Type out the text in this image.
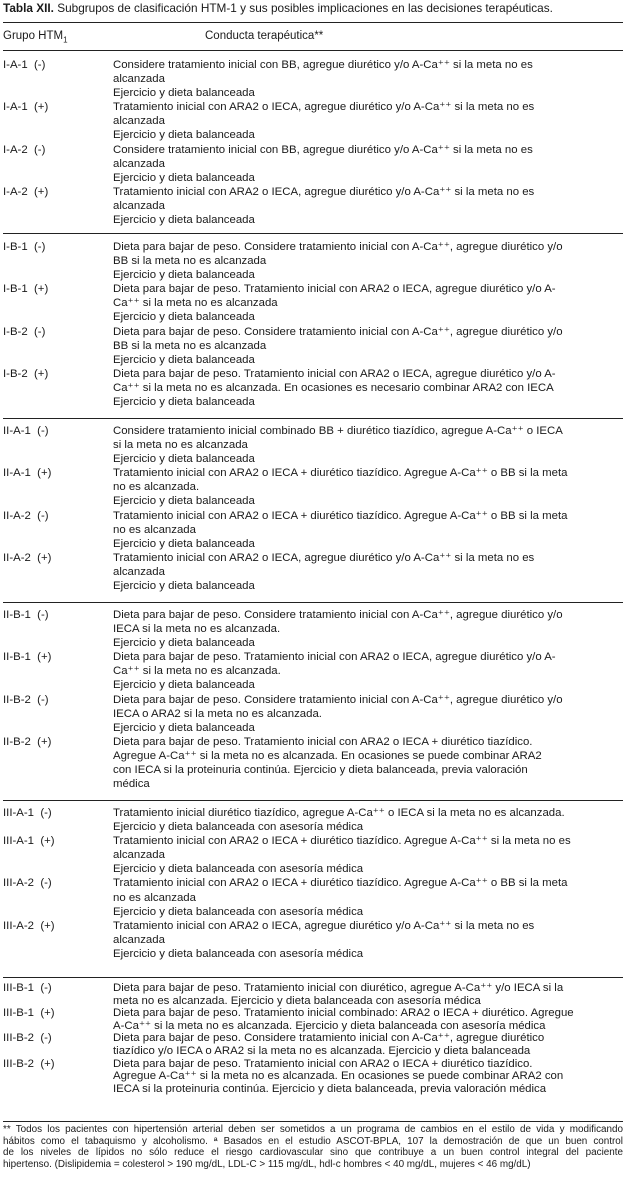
Tabla XII. Subgrupos de clasificación HTM-1 y sus posibles implicaciones en las decisiones terapéuticas.
Grupo $HTM_1$	Conducta terapéutica**
I-A-1  (-)	Considere tratamiento inicial con BB, agregue diurético y/o A-Ca⁺⁺ si la meta no es
alcanzada
Ejercicio y dieta balanceada
I-A-1  (+)	Tratamiento inicial con ARA2 o IECA, agregue diurético y/o A-Ca⁺⁺ si la meta no es
alcanzada
Ejercicio y dieta balanceada
I-A-2  (-)	Considere tratamiento inicial con BB, agregue diurético y/o A-Ca⁺⁺ si la meta no es
alcanzada
Ejercicio y dieta balanceada
I-A-2  (+)	Tratamiento inicial con ARA2 o IECA, agregue diurético y/o A-Ca⁺⁺ si la meta no es
alcanzada
Ejercicio y dieta balanceada
I-B-1  (-)	Dieta para bajar de peso. Considere tratamiento inicial con A-Ca⁺⁺, agregue diurético y/o
BB si la meta no es alcanzada
Ejercicio y dieta balanceada
I-B-1  (+)	Dieta para bajar de peso. Tratamiento inicial con ARA2 o IECA, agregue diurético y/o A-
Ca⁺⁺ si la meta no es alcanzada
Ejercicio y dieta balanceada
I-B-2  (-)	Dieta para bajar de peso. Considere tratamiento inicial con A-Ca⁺⁺, agregue diurético y/o
BB si la meta no es alcanzada
Ejercicio y dieta balanceada
I-B-2  (+)	Dieta para bajar de peso. Tratamiento inicial con ARA2 o IECA, agregue diurético y/o A-
Ca⁺⁺ si la meta no es alcanzada. En ocasiones es necesario combinar ARA2 con IECA
Ejercicio y dieta balanceada
II-A-1  (-)	Considere tratamiento inicial combinado BB + diurético tiazídico, agregue A-Ca⁺⁺ o IECA
si la meta no es alcanzada
Ejercicio y dieta balanceada
II-A-1  (+)	Tratamiento inicial con ARA2 o IECA + diurético tiazídico. Agregue A-Ca⁺⁺ o BB si la meta
no es alcanzada.
Ejercicio y dieta balanceada
II-A-2  (-)	Tratamiento inicial con ARA2 o IECA + diurético tiazídico. Agregue A-Ca⁺⁺ o BB si la meta
no es alcanzada
Ejercicio y dieta balanceada
II-A-2  (+)	Tratamiento inicial con ARA2 o IECA, agregue diurético y/o A-Ca⁺⁺ si la meta no es
alcanzada
Ejercicio y dieta balanceada
II-B-1  (-)	Dieta para bajar de peso. Considere tratamiento inicial con A-Ca⁺⁺, agregue diurético y/o
IECA si la meta no es alcanzada.
Ejercicio y dieta balanceada
II-B-1  (+)	Dieta para bajar de peso. Tratamiento inicial con ARA2 o IECA, agregue diurético y/o A-
Ca⁺⁺ si la meta no es alcanzada.
Ejercicio y dieta balanceada
II-B-2  (-)	Dieta para bajar de peso. Considere tratamiento inicial con A-Ca⁺⁺, agregue diurético y/o
IECA o ARA2 si la meta no es alcanzada.
Ejercicio y dieta balanceada
II-B-2  (+)	Dieta para bajar de peso. Tratamiento inicial con ARA2 o IECA + diurético tiazídico.
Agregue A-Ca⁺⁺ si la meta no es alcanzada. En ocasiones se puede combinar ARA2
con IECA si la proteinuria continúa. Ejercicio y dieta balanceada, previa valoración
médica
III-A-1  (-)	Tratamiento inicial diurético tiazídico, agregue A-Ca⁺⁺ o IECA si la meta no es alcanzada.
Ejercicio y dieta balanceada con asesoría médica
III-A-1  (+)	Tratamiento inicial con ARA2 o IECA + diurético tiazídico. Agregue A-Ca⁺⁺ si la meta no es
alcanzada
Ejercicio y dieta balanceada con asesoría médica
III-A-2  (-)	Tratamiento inicial con ARA2 o IECA + diurético tiazídico. Agregue A-Ca⁺⁺ o BB si la meta
no es alcanzada
Ejercicio y dieta balanceada con asesoría médica
III-A-2  (+)	Tratamiento inicial con ARA2 o IECA, agregue diurético y/o A-Ca⁺⁺ si la meta no es
alcanzada
Ejercicio y dieta balanceada con asesoría médica
III-B-1  (-)	Dieta para bajar de peso. Tratamiento inicial con diurético, agregue A-Ca⁺⁺ y/o IECA si la
meta no es alcanzada. Ejercicio y dieta balanceada con asesoría médica
III-B-1  (+)	Dieta para bajar de peso. Tratamiento inicial combinado: ARA2 o IECA + diurético. Agregue
A-Ca⁺⁺ si la meta no es alcanzada. Ejercicio y dieta balanceada con asesoría médica
III-B-2  (-)	Dieta para bajar de peso. Considere tratamiento inicial con A-Ca⁺⁺, agregue diurético
tiazídico y/o IECA o ARA2 si la meta no es alcanzada. Ejercicio y dieta balanceada
III-B-2  (+)	Dieta para bajar de peso. Tratamiento inicial con ARA2 o IECA + diurético tiazídico.
Agregue A-Ca⁺⁺ si la meta no es alcanzada. En ocasiones se puede combinar ARA2 con
IECA si la proteinuria continúa. Ejercicio y dieta balanceada, previa valoración médica
** Todos los pacientes con hipertensión arterial deben ser sometidos a un programa de cambios en el estilo de vida y modificando
hábitos como el tabaquismo y alcoholismo. ª Basados en el estudio ASCOT-BPLA, 107 la demostración de que un buen control
de los niveles de lípidos no sólo reduce el riesgo cardiovascular sino que contribuye a un buen control integral del paciente
hipertenso. (Dislipidemia = colesterol > 190 mg/dL, LDL-C > 115 mg/dL, hdl-c hombres < 40 mg/dL, mujeres < 46 mg/dL)
